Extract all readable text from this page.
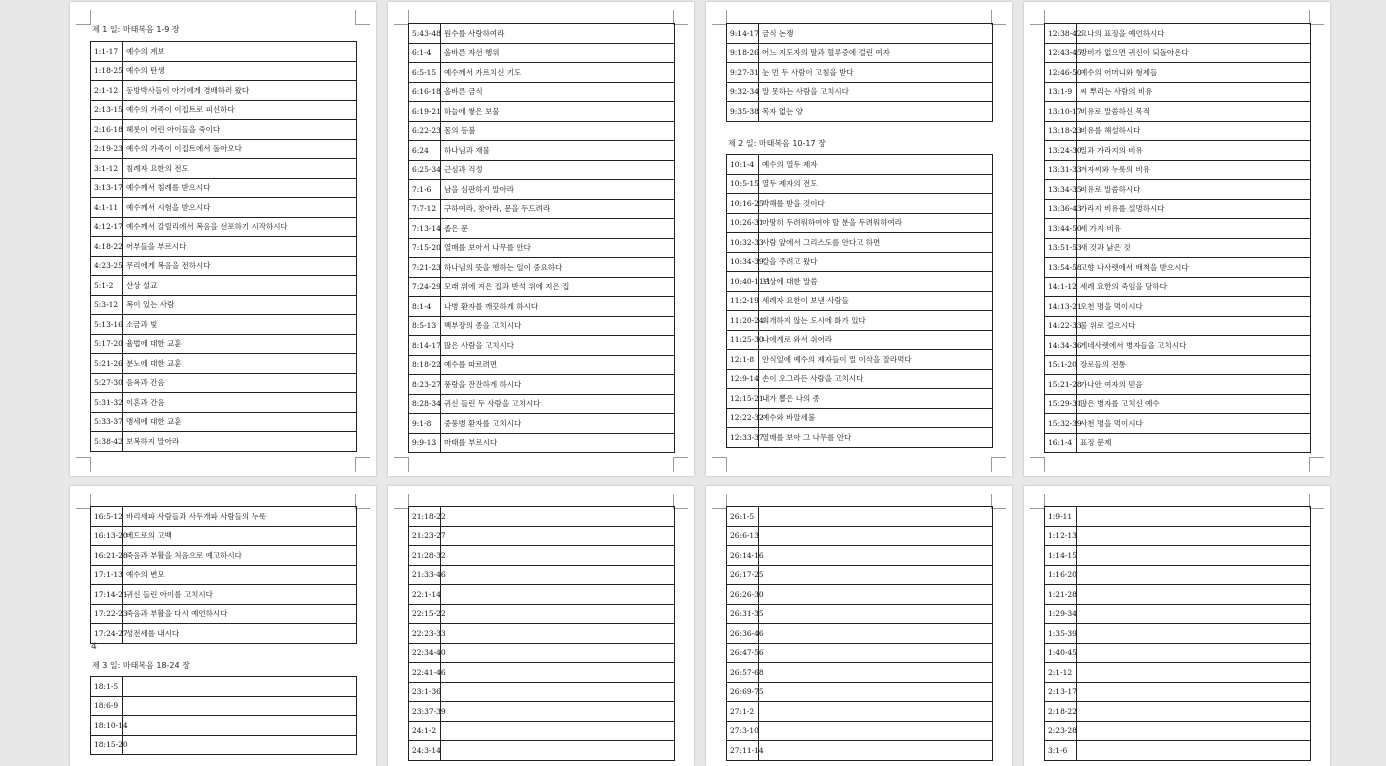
제 1 일: 마태복음 1-9 장
1:1-17	예수의 계보
1:18-25	예수의 탄생
2:1-12	동방박사들이 아기에게 경배하러 왔다
2:13-15	예수의 가족이 이집트로 피신하다
2:16-18	헤롯이 어린 아이들을 죽이다
2:19-23	예수의 가족이 이집트에서 돌아오다
3:1-12	침례자 요한의 전도
3:13-17	예수께서 침례를 받으시다
4:1-11	예수께서 시험을 받으시다
4:12-17	예수께서 갈릴리에서 복음을 선포하기 시작하시다
4:18-22	어부들을 부르시다
4:23-25	무리에게 복음을 전하시다
5:1-2	산상 설교
5:3-12	복이 있는 사람
5:13-16	소금과 빛
5:17-20	율법에 대한 교훈
5:21-26	분노에 대한 교훈
5:27-30	음욕과 간음
5:31-32	이혼과 간음
5:33-37	맹세에 대한 교훈
5:38-42	보복하지 말아라
5:43-48	원수를 사랑하여라
6:1-4	올바른 자선 행위
6:5-15	예수께서 가르치신 기도
6:16-18	올바른 금식
6:19-21	하늘에 쌓은 보물
6:22-23	몸의 등불
6:24	하나님과 재물
6:25-34	근심과 걱정
7:1-6	남을 심판하지 말아라
7:7-12	구하여라, 찾아라, 문을 두드려라
7:13-14	좁은 문
7:15-20	열매를 보아서 나무를 안다
7:21-23	하나님의 뜻을 행하는 일이 중요하다
7:24-29	모래 위에 지은 집과 반석 위에 지은 집
8:1-4	나병 환자를 깨끗하게 하시다
8:5-13	백부장의 종을 고치시다
8:14-17	많은 사람을 고치시다
8:18-22	예수를 따르려면
8:23-27	풍랑을 잔잔하게 하시다
8:28-34	귀신 들린 두 사람을 고치시다
9:1-8	중풍병 환자를 고치시다
9:9-13	마태를 부르시다
9:14-17	금식 논쟁
9:18-26	어느 지도자의 딸과 혈루증에 걸린 여자
9:27-31	눈 먼 두 사람이 고침을 받다
9:32-34	말 못하는 사람을 고치시다
9:35-38	목자 없는 양
제 2 일: 마태복음 10-17 장
10:1-4	예수의 열두 제자
10:5-15	열두 제자의 전도
10:16-25	박해를 받을 것이다
10:26-31	마땅히 두려워하여야 할 분을 두려워하여라
10:32-33	사람 앞에서 그리스도를 안다고 하면
10:34-39	칼을 주려고 왔다
10:40-11:1	보상에 대한 말씀
11:2-19	세례자 요한이 보낸 사람들
11:20-24	회개하지 않는 도시에 화가 있다
11:25-30	나에게로 와서 쉬어라
12:1-8	안식일에 예수의 제자들이 밀 이삭을 잘라먹다
12:9-14	손이 오그라든 사람을 고치시다
12:15-21	내가 뽑은 나의 종
12:22-32	예수와 바알세불
12:33-37	열매를 보아 그 나무를 안다
12:38-42	요나의 표징을 예언하시다
12:43-45	방비가 없으면 귀신이 되돌아온다
12:46-50	예수의 어머니와 형제들
13:1-9	씨 뿌리는 사람의 비유
13:10-17	비유로 말씀하신 목적
13:18-23	비유를 해설하시다
13:24-30	밀과 가라지의 비유
13:31-33	겨자씨와 누룩의 비유
13:34-35	비유로 말씀하시다
13:36-43	가라지 비유를 설명하시다
13:44-50	세 가지 비유
13:51-53	새 것과 낡은 것
13:54-58	고향 나사렛에서 배척을 받으시다
14:1-12	세례 요한의 죽임을 당하다
14:13-21	오천 명을 먹이시다
14:22-33	물 위로 걸으시다
14:34-36	게네사렛에서 병자들을 고치시다
15:1-20	장로들의 전통
15:21-28	가나안 여자의 믿음
15:29-31	많은 병자를 고치신 예수
15:32-39	사천 명을 먹이시다
16:1-4	표징 문제
16:5-12	바리새파 사람들과 사두개파 사람들의 누룩
16:13-20	베드로의 고백
16:21-28	죽음과 부활을 처음으로 예고하시다
17:1-13	예수의 변모
17:14-21	귀신 들린 아이를 고치시다
17:22-23	죽음과 부활을 다시 예언하시다
17:24-27	성전세를 내시다
4
제 3 일: 마태복음 18-24 장
18:1-5	
18:6-9	
18:10-14	
18:15-20	
21:18-22	
21:23-27	
21:28-32	
21:33-46	
22:1-14	
22:15-22	
22:23-33	
22:34-40	
22:41-46	
23:1-36	
23:37-39	
24:1-2	
24:3-14	
26:1-5	
26:6-13	
26:14-16	
26:17-25	
26:26-30	
26:31-35	
26:36-46	
26:47-56	
26:57-68	
26:69-75	
27:1-2	
27:3-10	
27:11-14	
1:9-11	
1:12-13	
1:14-15	
1:16-20	
1:21-28	
1:29-34	
1:35-39	
1:40-45	
2:1-12	
2:13-17	
2:18-22	
2:23-28	
3:1-6	
